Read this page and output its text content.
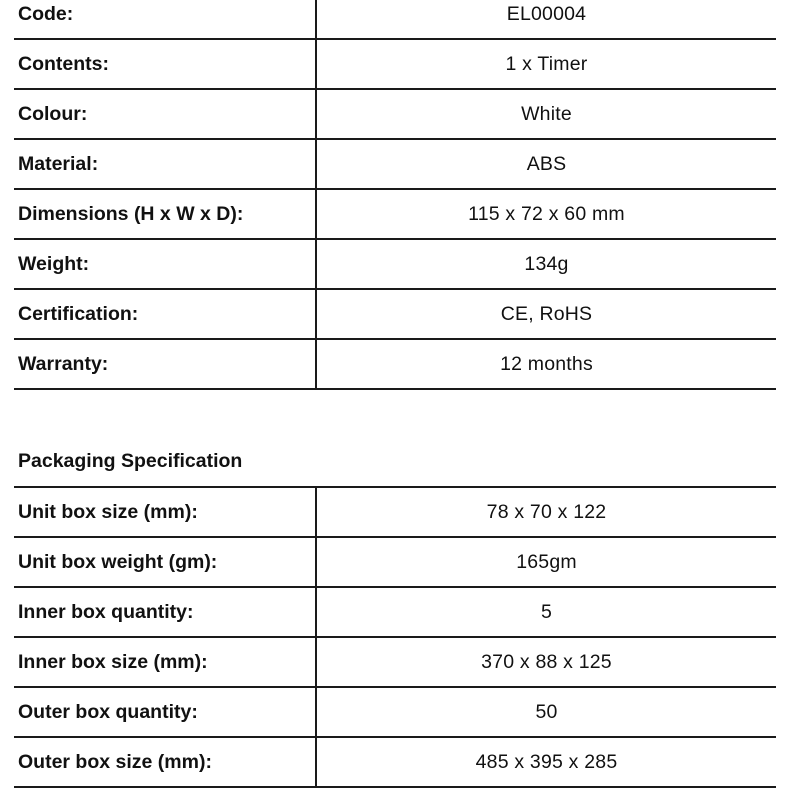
Code:	EL00004
Contents:	1 x Timer
Colour:	White
Material:	ABS
Dimensions (H x W x D):	115 x 72 x 60 mm
Weight:	134g
Certification:	CE, RoHS
Warranty:	12 months
Packaging Specification
Unit box size (mm):	78 x 70 x 122
Unit box weight (gm):	165gm
Inner box quantity:	5
Inner box size (mm):	370 x 88 x 125
Outer box quantity:	50
Outer box size (mm):	485 x 395 x 285
